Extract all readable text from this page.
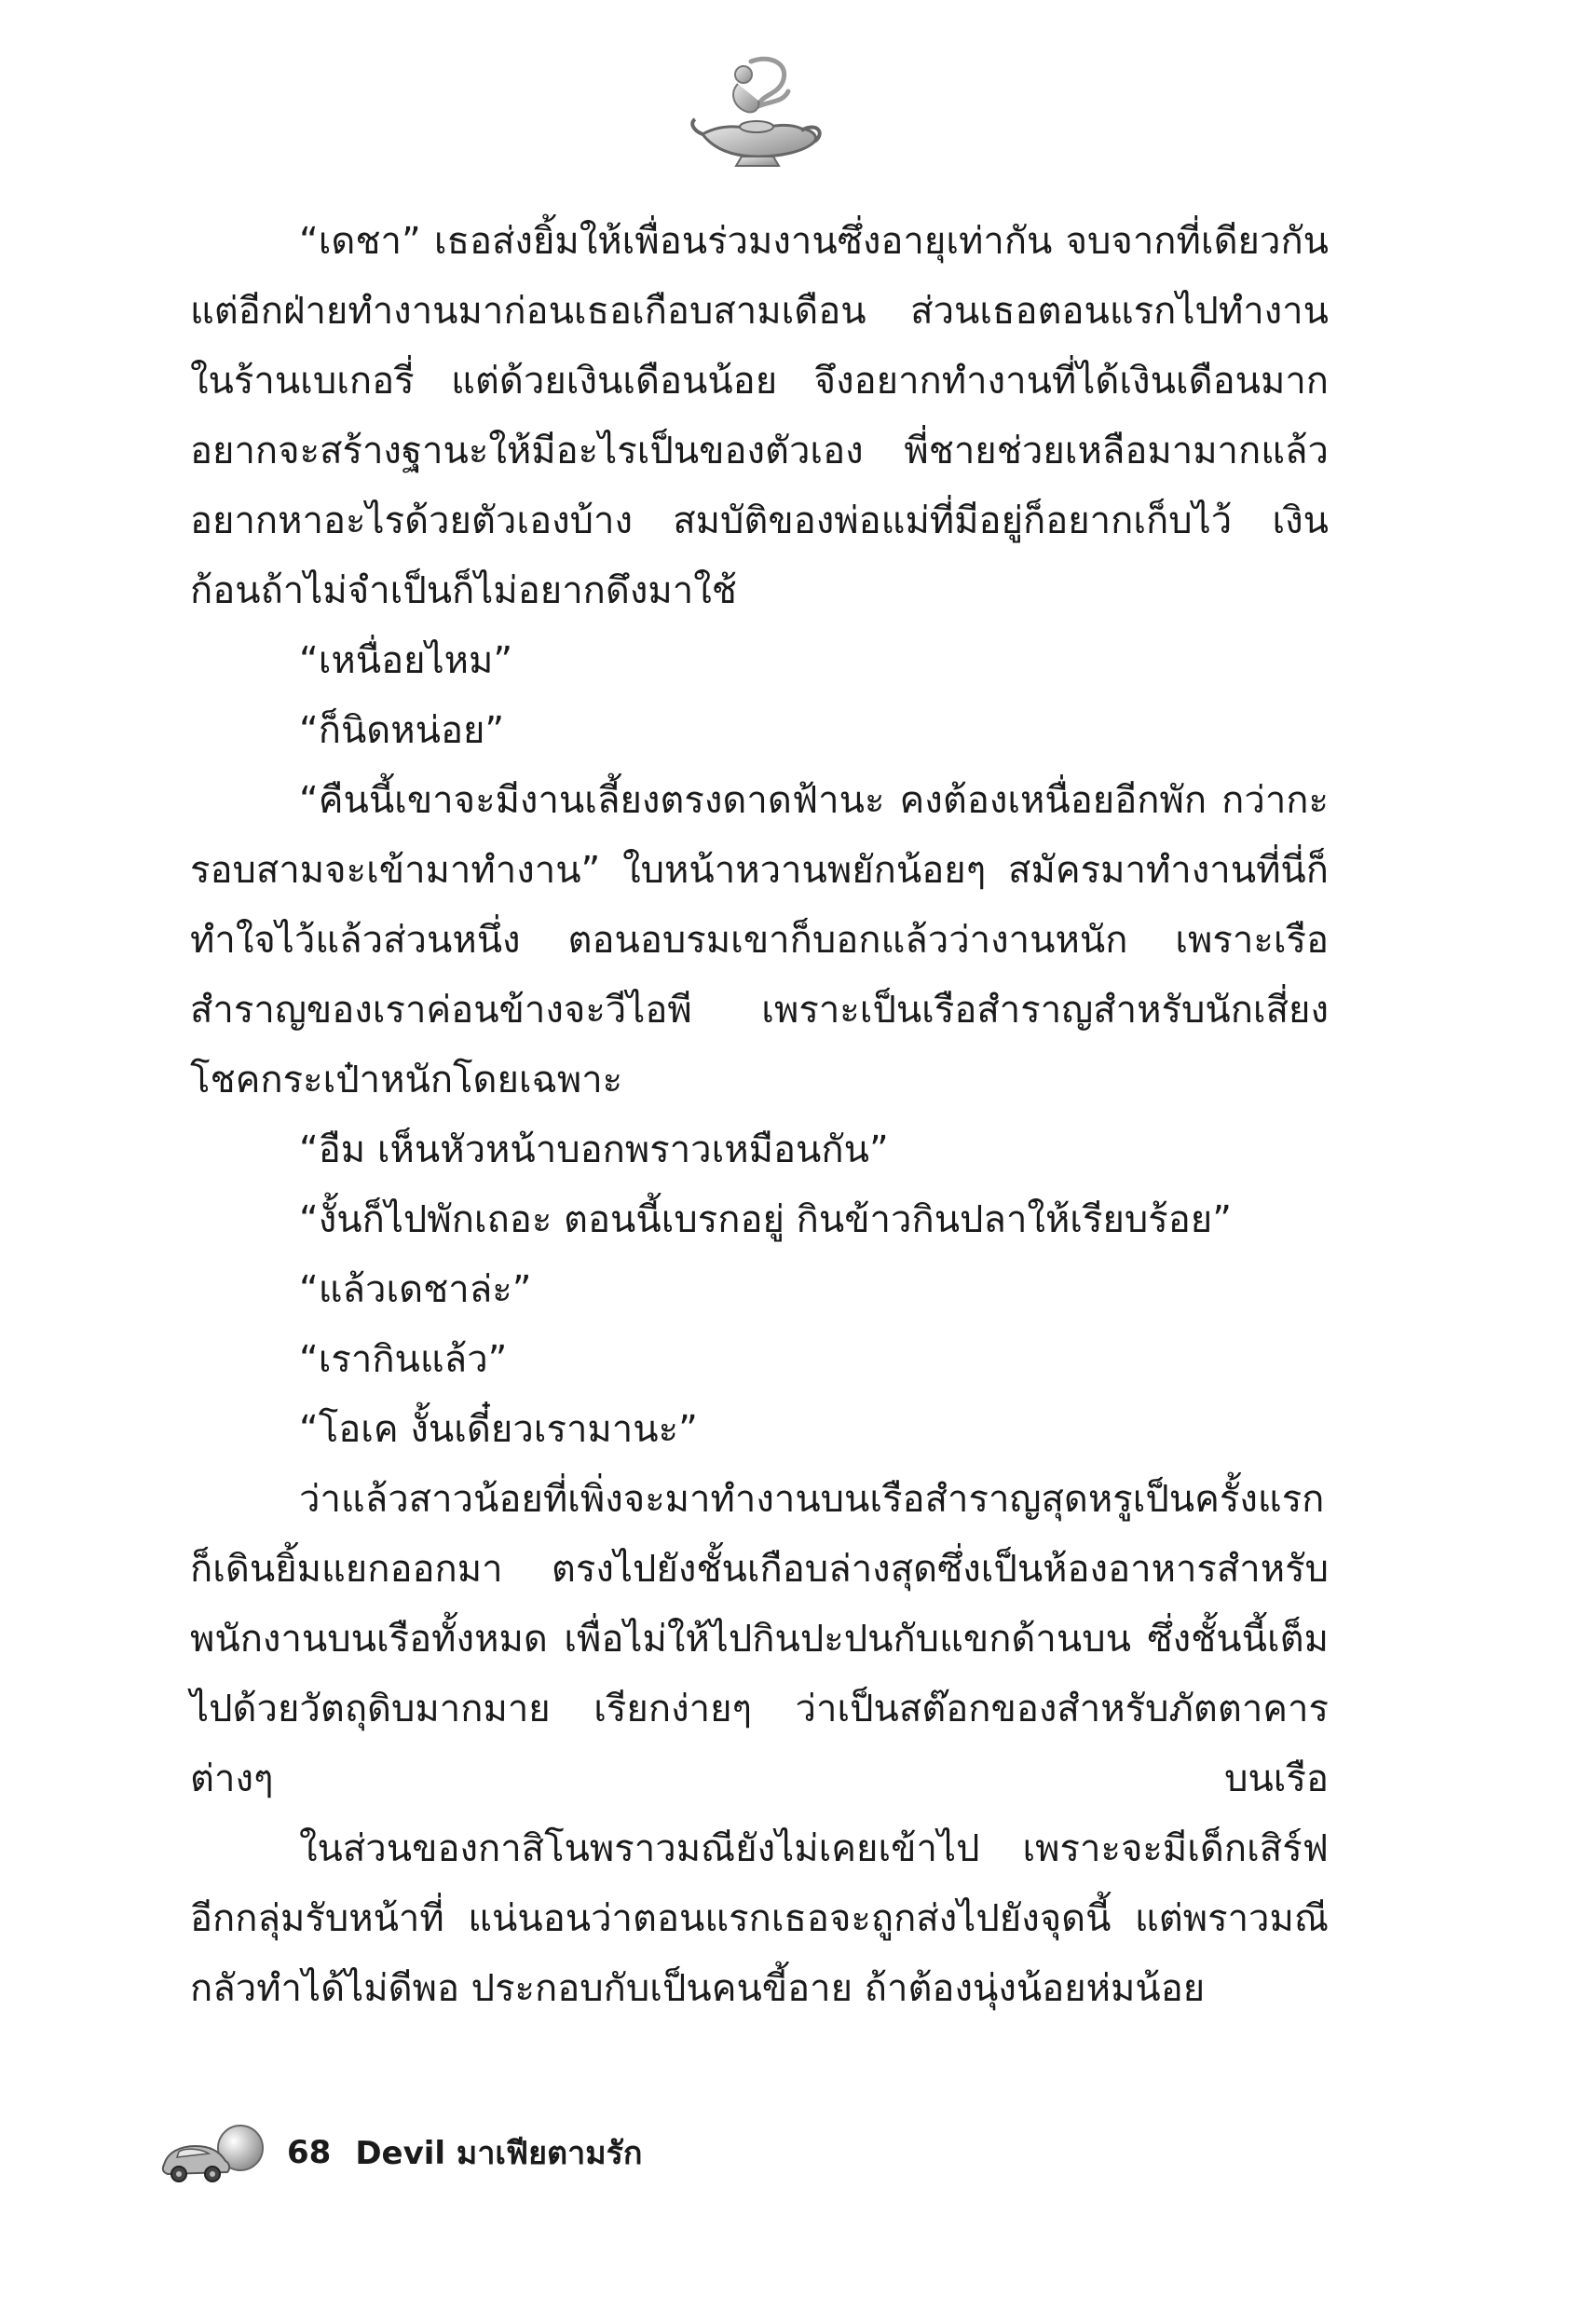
“เดชา” เธอส่งยิ้มให้เพื่อนร่วมงานซึ่งอายุเท่ากัน จบจากที่เดียวกัน แต่อีกฝ่ายทำงานมาก่อนเธอเกือบสามเดือน ส่วนเธอตอนแรกไปทำงานในร้านเบเกอรี่ แต่ด้วยเงินเดือนน้อย จึงอยากทำงานที่ได้เงินเดือนมาก อยากจะสร้างฐานะให้มีอะไรเป็นของตัวเอง พี่ชายช่วยเหลือมามากแล้ว อยากหาอะไรด้วยตัวเองบ้าง สมบัติของพ่อแม่ที่มีอยู่ก็อยากเก็บไว้ เงินก้อนถ้าไม่จำเป็นก็ไม่อยากดึงมาใช้

“เหนื่อยไหม”

“ก็นิดหน่อย”

“คืนนี้เขาจะมีงานเลี้ยงตรงดาดฟ้านะ คงต้องเหนื่อยอีกพัก กว่ากะรอบสามจะเข้ามาทำงาน” ใบหน้าหวานพยักน้อยๆ สมัครมาทำงานที่นี่ก็ทำใจไว้แล้วส่วนหนึ่ง ตอนอบรมเขาก็บอกแล้วว่างานหนัก เพราะเรือสำราญของเราค่อนข้างจะวีไอพี เพราะเป็นเรือสำราญสำหรับนักเสี่ยงโชคกระเป๋าหนักโดยเฉพาะ

“อืม เห็นหัวหน้าบอกพราวเหมือนกัน”

“งั้นก็ไปพักเถอะ ตอนนี้เบรกอยู่ กินข้าวกินปลาให้เรียบร้อย”

“แล้วเดชาล่ะ”

“เรากินแล้ว”

“โอเค งั้นเดี๋ยวเรามานะ”

ว่าแล้วสาวน้อยที่เพิ่งจะมาทำงานบนเรือสำราญสุดหรูเป็นครั้งแรก ก็เดินยิ้มแยกออกมา ตรงไปยังชั้นเกือบล่างสุดซึ่งเป็นห้องอาหารสำหรับพนักงานบนเรือทั้งหมด เพื่อไม่ให้ไปกินปะปนกับแขกด้านบน ซึ่งชั้นนี้เต็มไปด้วยวัตถุดิบมากมาย เรียกง่ายๆ ว่าเป็นสต๊อกของสำหรับภัตตาคารต่างๆ บนเรือ

ในส่วนของกาสิโนพราวมณียังไม่เคยเข้าไป เพราะจะมีเด็กเสิร์ฟอีกกลุ่มรับหน้าที่ แน่นอนว่าตอนแรกเธอจะถูกส่งไปยังจุดนี้ แต่พราวมณีกลัวทำได้ไม่ดีพอ ประกอบกับเป็นคนขี้อาย ถ้าต้องนุ่งน้อยห่มน้อย

68 Devil มาเฟียตามรัก
